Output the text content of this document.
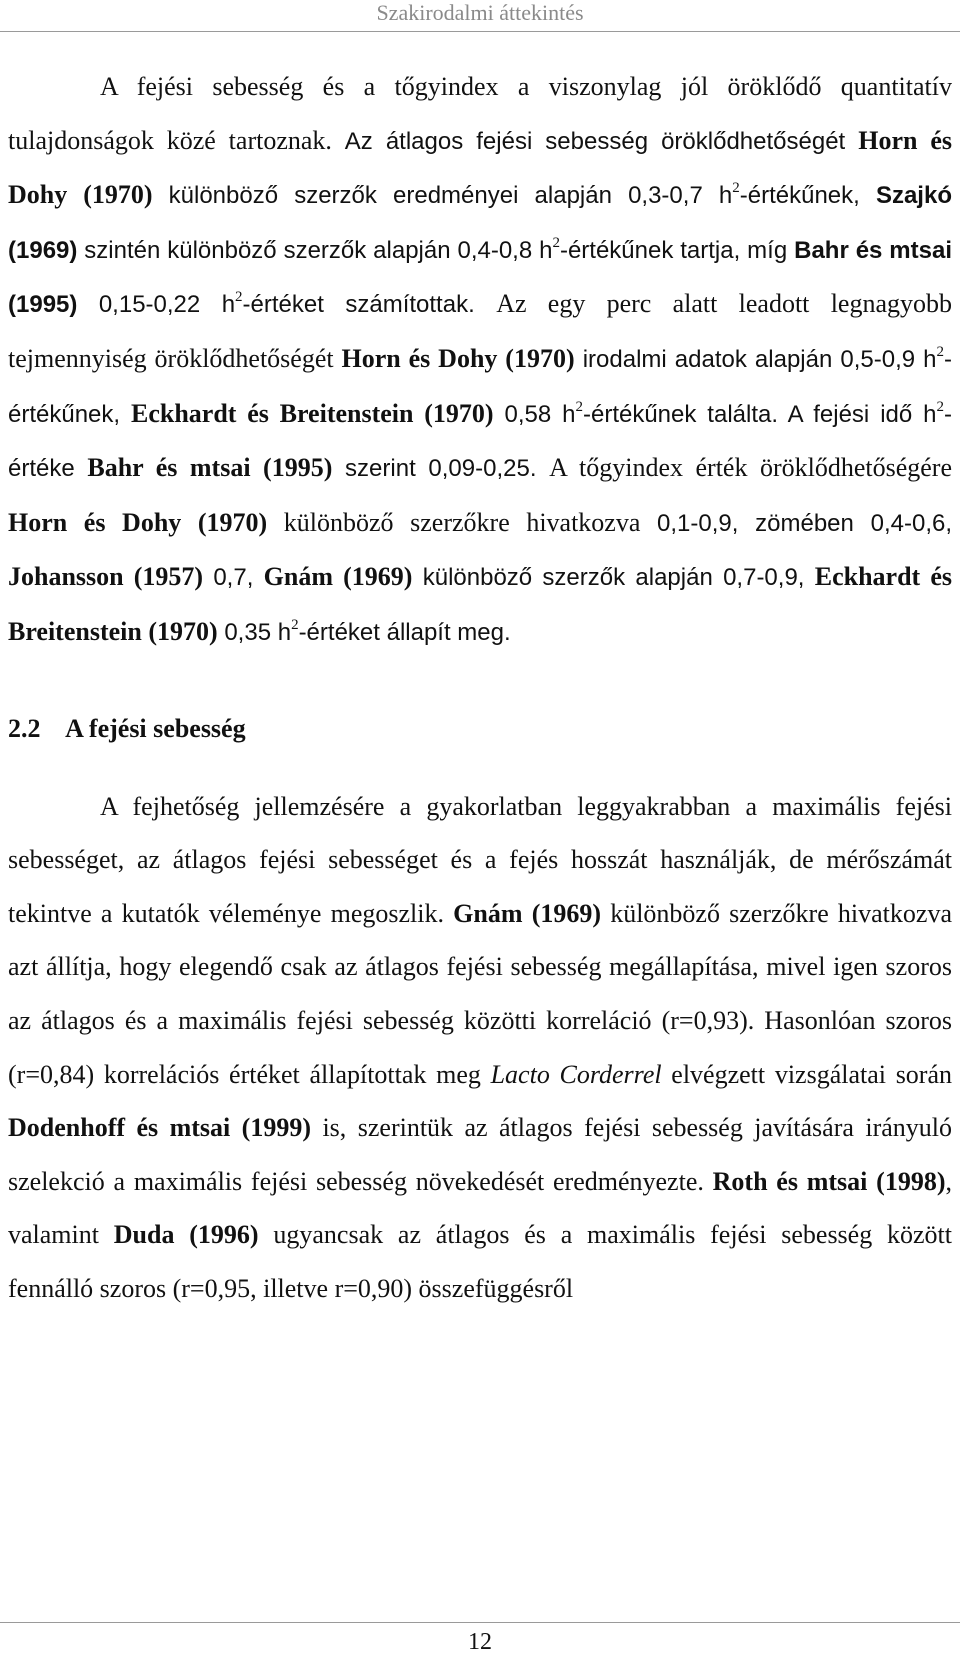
Szakirodalmi áttekintés

A fejési sebesség és a tőgyindex a viszonylag jól öröklődő quantitatív tulajdonságok közé tartoznak. Az átlagos fejési sebesség öröklődhetőségét Horn és Dohy (1970) különböző szerzők eredményei alapján 0,3-0,7 $h^2$-értékűnek, Szajkó (1969) szintén különböző szerzők alapján 0,4-0,8 $h^2$-értékűnek tartja, míg Bahr és mtsai (1995) 0,15-0,22 $h^2$-értéket számítottak. Az egy perc alatt leadott legnagyobb tejmennyiség öröklődhetőségét Horn és Dohy (1970) irodalmi adatok alapján 0,5-0,9 $h^2$-értékűnek, Eckhardt és Breitenstein (1970) 0,58 $h^2$-értékűnek találta. A fejési idő $h^2$-értéke Bahr és mtsai (1995) szerint 0,09-0,25. A tőgyindex érték öröklődhetőségére Horn és Dohy (1970) különböző szerzőkre hivatkozva 0,1-0,9, zömében 0,4-0,6, Johansson (1957) 0,7, Gnám (1969) különböző szerzők alapján 0,7-0,9, Eckhardt és Breitenstein (1970) 0,35 $h^2$-értéket állapít meg.

2.2 A fejési sebesség

A fejhetőség jellemzésére a gyakorlatban leggyakrabban a maximális fejési sebességet, az átlagos fejési sebességet és a fejés hosszát használják, de mérőszámát tekintve a kutatók véleménye megoszlik. Gnám (1969) különböző szerzőkre hivatkozva azt állítja, hogy elegendő csak az átlagos fejési sebesség megállapítása, mivel igen szoros az átlagos és a maximális fejési sebesség közötti korreláció (r=0,93). Hasonlóan szoros (r=0,84) korrelációs értéket állapítottak meg Lacto Corderrel elvégzett vizsgálatai során Dodenhoff és mtsai (1999) is, szerintük az átlagos fejési sebesség javítására irányuló szelekció a maximális fejési sebesség növekedését eredményezte. Roth és mtsai (1998), valamint Duda (1996) ugyancsak az átlagos és a maximális fejési sebesség között fennálló szoros (r=0,95, illetve r=0,90) összefüggésről

12
